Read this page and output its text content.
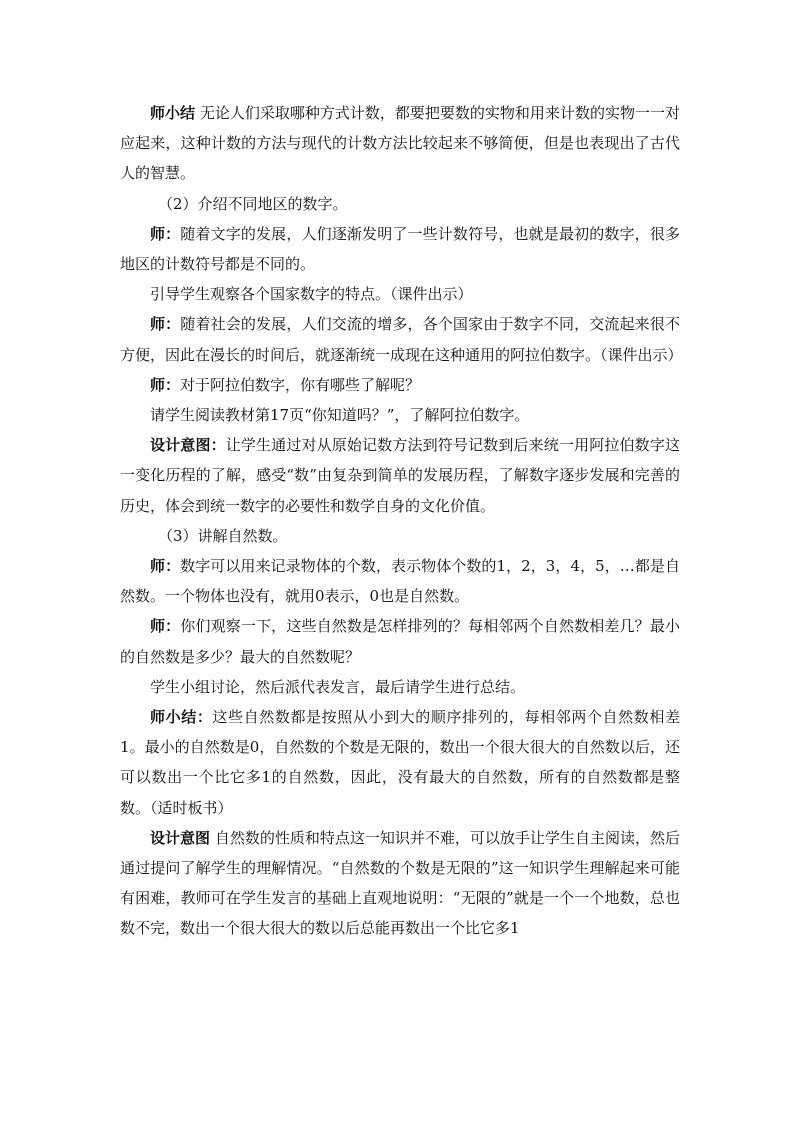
师小结 无论人们采取哪种方式计数，都要把要数的实物和用来计数的实物一一对应起来，这种计数的方法与现代的计数方法比较起来不够简便，但是也表现出了古代人的智慧。

（2）介绍不同地区的数字。

师：随着文字的发展，人们逐渐发明了一些计数符号，也就是最初的数字，很多地区的计数符号都是不同的。

引导学生观察各个国家数字的特点。（课件出示）

师：随着社会的发展，人们交流的增多，各个国家由于数字不同，交流起来很不方便，因此在漫长的时间后，就逐渐统一成现在这种通用的阿拉伯数字。（课件出示）

师：对于阿拉伯数字，你有哪些了解呢？

请学生阅读教材第17页“你知道吗？”，了解阿拉伯数字。

设计意图：让学生通过对从原始记数方法到符号记数到后来统一用阿拉伯数字这一变化历程的了解，感受“数”由复杂到简单的发展历程，了解数字逐步发展和完善的历史，体会到统一数字的必要性和数学自身的文化价值。

（3）讲解自然数。

师：数字可以用来记录物体的个数，表示物体个数的1，2，3，4，5，…都是自然数。一个物体也没有，就用0表示，0也是自然数。

师：你们观察一下，这些自然数是怎样排列的？每相邻两个自然数相差几？最小的自然数是多少？最大的自然数呢？

学生小组讨论，然后派代表发言，最后请学生进行总结。

师小结：这些自然数都是按照从小到大的顺序排列的，每相邻两个自然数相差1。最小的自然数是0，自然数的个数是无限的，数出一个很大很大的自然数以后，还可以数出一个比它多1的自然数，因此，没有最大的自然数，所有的自然数都是整数。（适时板书）

设计意图 自然数的性质和特点这一知识并不难，可以放手让学生自主阅读，然后通过提问了解学生的理解情况。“自然数的个数是无限的”这一知识学生理解起来可能有困难，教师可在学生发言的基础上直观地说明：“无限的”就是一个一个地数，总也数不完，数出一个很大很大的数以后总能再数出一个比它多1
